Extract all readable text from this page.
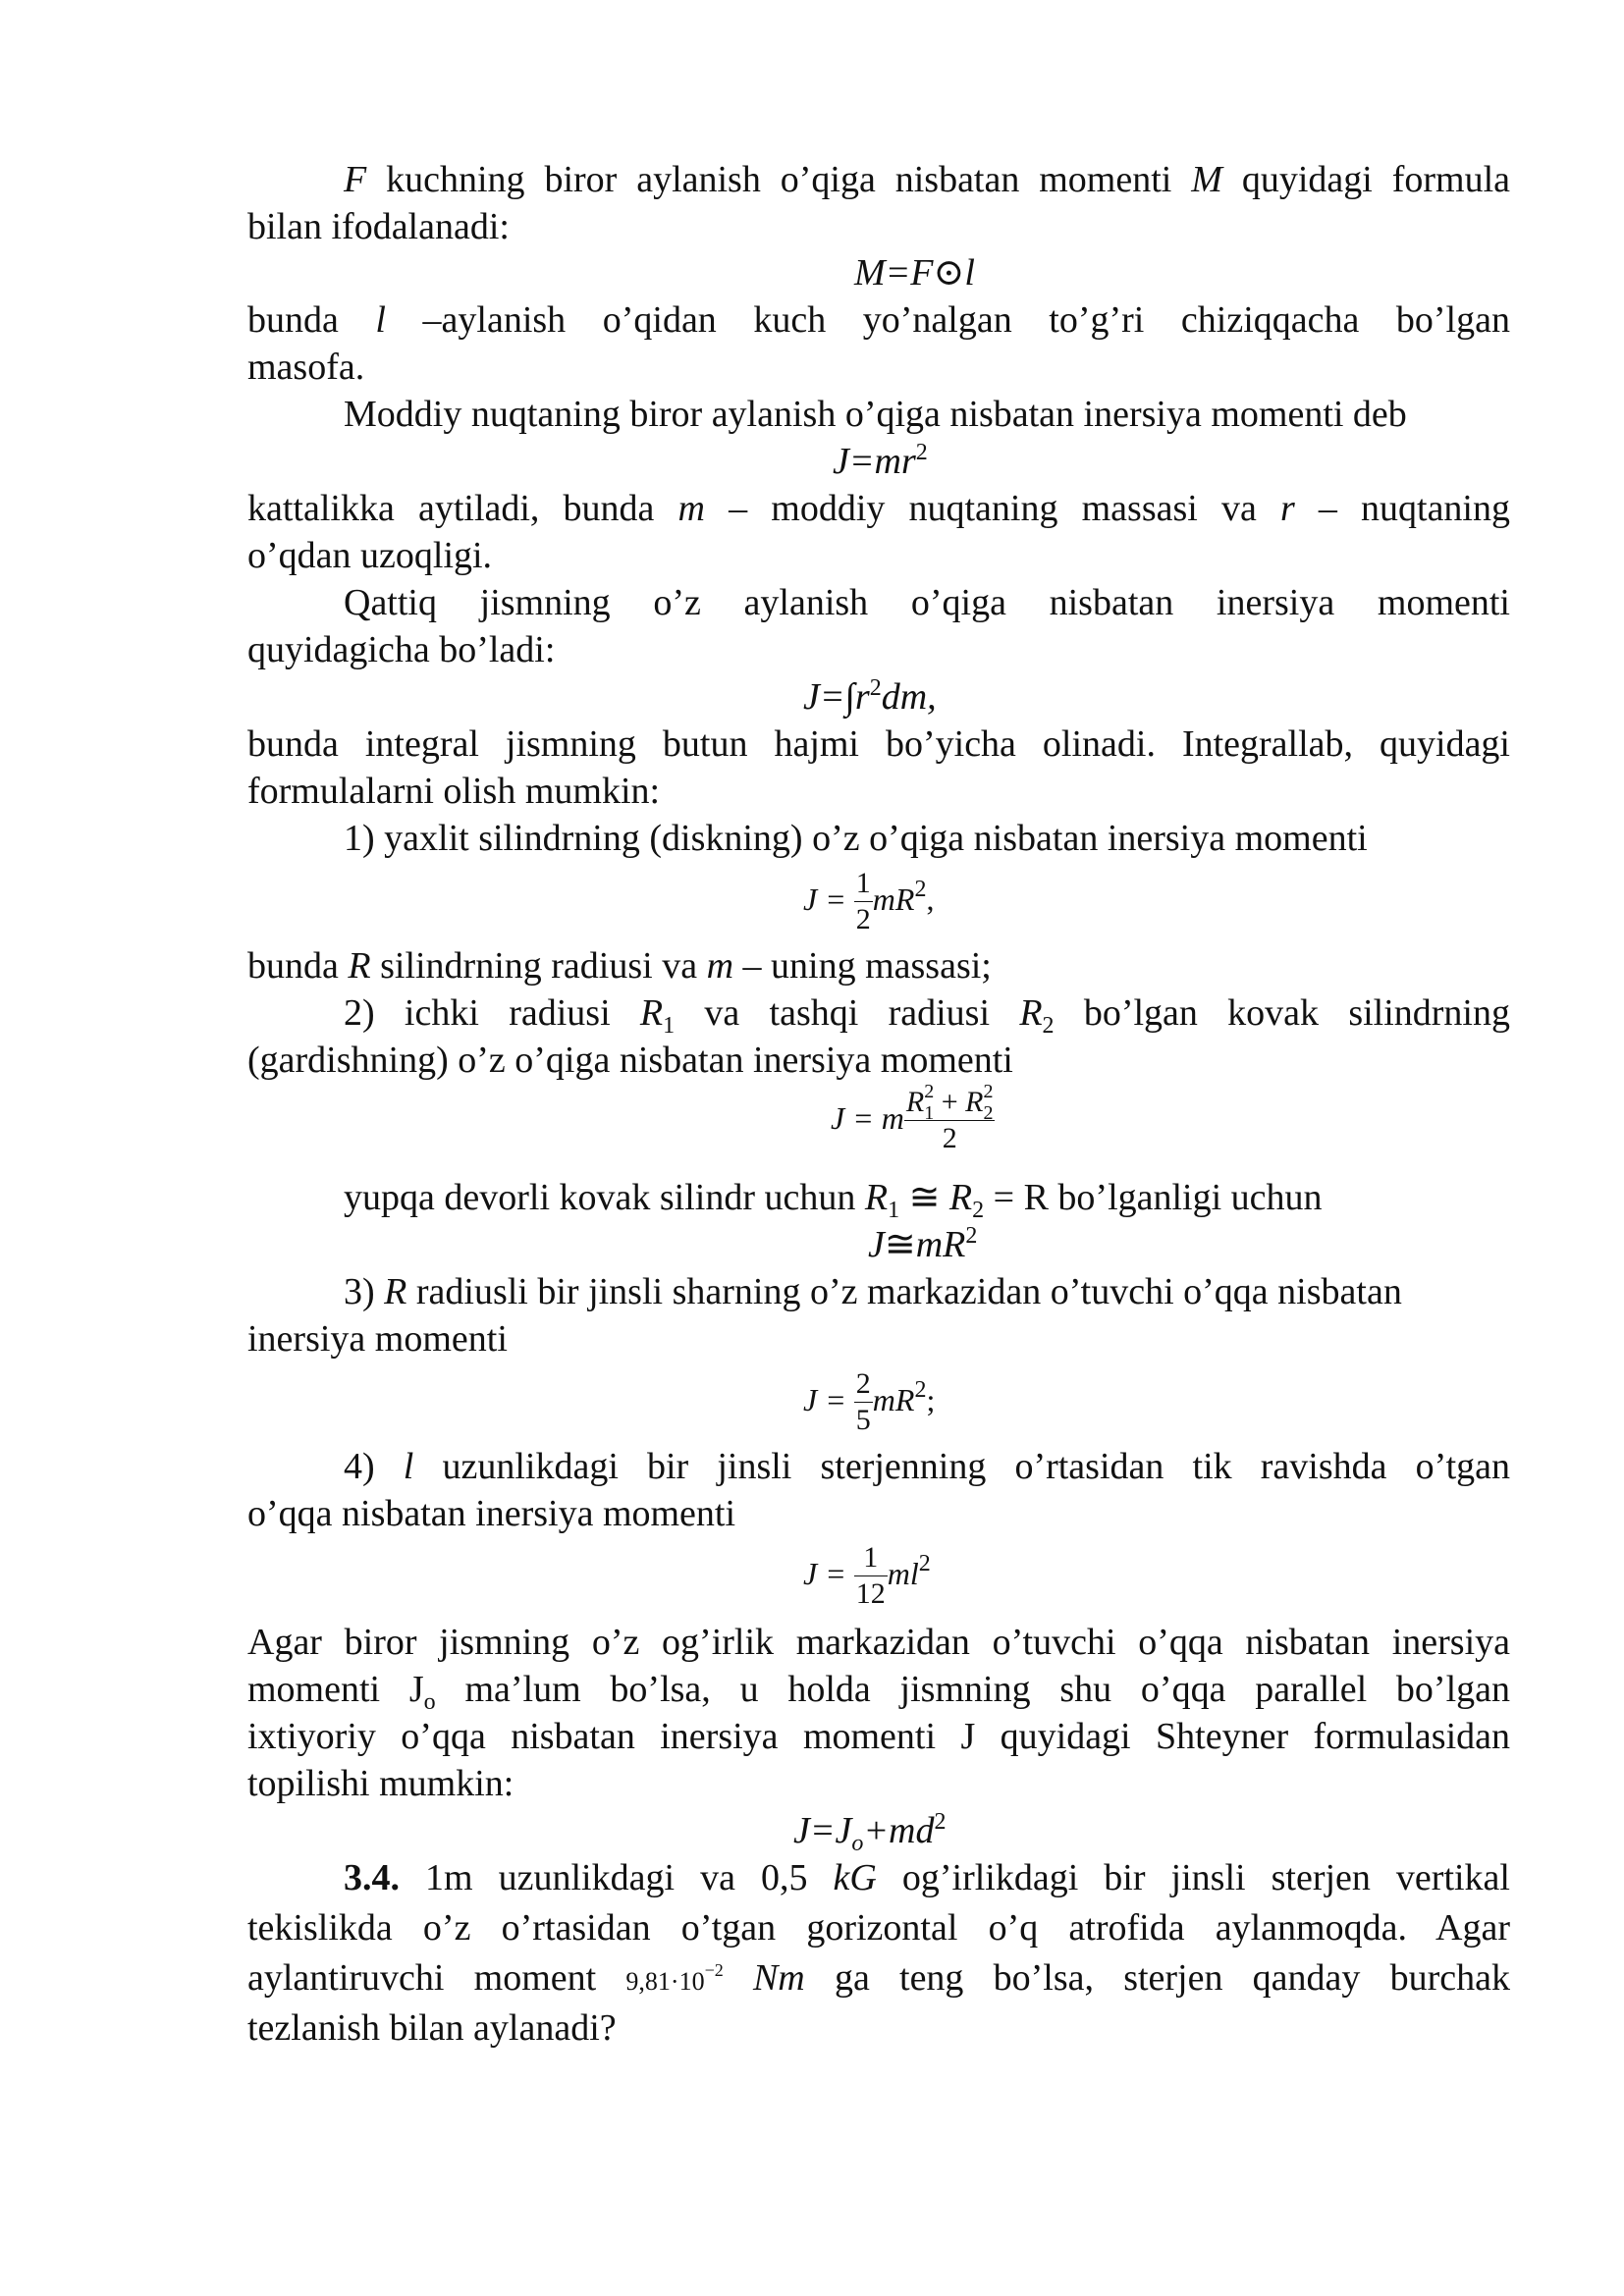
F kuchning biror aylanish o’qiga nisbatan momenti M quyidagi formula
bilan ifodalanadi:
M=F⊙l
bunda l –aylanish o’qidan kuch yo’nalgan to’g’ri chiziqqacha bo’lgan
masofa.
Moddiy nuqtaning biror aylanish o’qiga nisbatan inersiya momenti deb
$J=mr^2$
kattalikka aytiladi, bunda m – moddiy nuqtaning massasi va r – nuqtaning
o’qdan uzoqligi.
Qattiq jismning o’z aylanish o’qiga nisbatan inersiya momenti
quyidagicha bo’ladi:
$J=\int r^2dm$,
bunda integral jismning butun hajmi bo’yicha olinadi. Integrallab, quyidagi
formulalarni olish mumkin:
1) yaxlit silindrning (diskning) o’z o’qiga nisbatan inersiya momenti
$J = \frac{1}{2} mR^2$,
bunda R silindrning radiusi va m – uning massasi;
2) ichki radiusi $R_1$ va tashqi radiusi $R_2$ bo’lgan kovak silindrning
(gardishning) o’z o’qiga nisbatan inersiya momenti
J = m $\frac{R^2_1 + R^2_2}{2}$
yupqa devorli kovak silindr uchun $R_1$ ≅ $R_2 = R$ bo’lganligi uchun
$J≅mR^2$
3) R radiusli bir jinsli sharning o’z markazidan o’tuvchi o’qqa nisbatan
inersiya momenti
$J = \frac{2}{5} mR^2$;
4) l uzunlikdagi bir jinsli sterjenning o’rtasidan tik ravishda o’tgan
o’qqa nisbatan inersiya momenti
$J = \frac{1}{12} ml^2$
Agar biror jismning o’z og’irlik markazidan o’tuvchi o’qqa nisbatan inersiya
momenti $J_o$ ma’lum bo’lsa, u holda jismning shu o’qqa parallel bo’lgan
ixtiyoriy o’qqa nisbatan inersiya momenti J quyidagi Shteyner formulasidan
topilishi mumkin:
$J=J_o+md^2$
3.4. 1m uzunlikdagi va 0,5 kG og’irlikdagi bir jinsli sterjen vertikal
tekislikda o’z o’rtasidan o’tgan gorizontal o’q atrofida aylanmoqda. Agar
aylantiruvchi moment $9,81\cdot 10^{-2}$ Nm ga teng bo’lsa, sterjen qanday burchak
tezlanish bilan aylanadi?
